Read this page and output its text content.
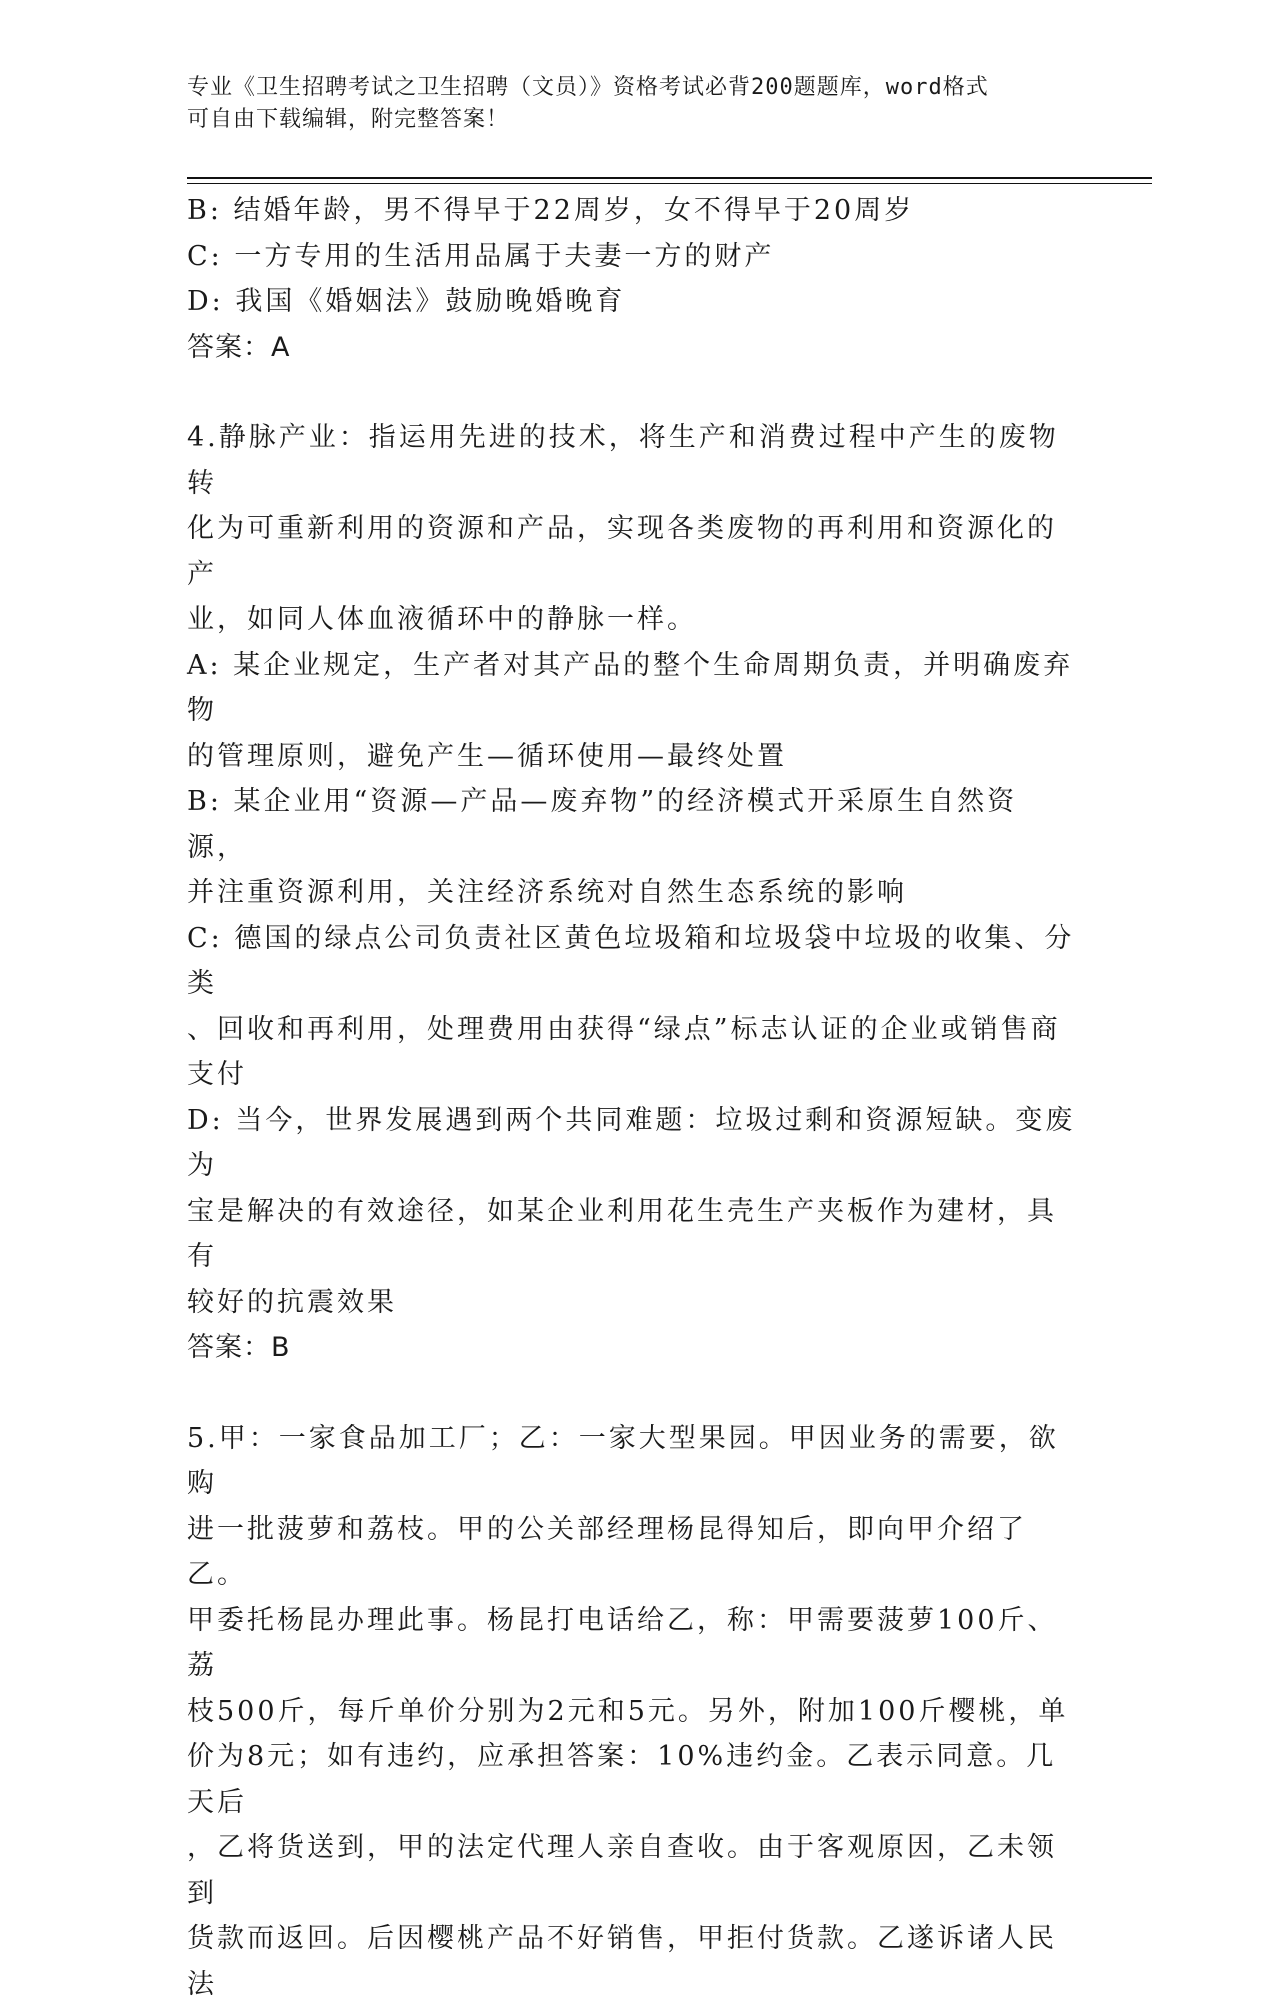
专业《卫生招聘考试之卫生招聘（文员）》资格考试必背200题题库，word格式
可自由下载编辑，附完整答案！

B: 结婚年龄，男不得早于22周岁，女不得早于20周岁

C: 一方专用的生活用品属于夫妻一方的财产

D: 我国《婚姻法》鼓励晚婚晚育

答案：A

4.静脉产业：指运用先进的技术，将生产和消费过程中产生的废物转

化为可重新利用的资源和产品，实现各类废物的再利用和资源化的产

业，如同人体血液循环中的静脉一样。

A: 某企业规定，生产者对其产品的整个生命周期负责，并明确废弃物

的管理原则，避免产生—循环使用—最终处置

B: 某企业用“资源—产品—废弃物”的经济模式开采原生自然资源，

并注重资源利用，关注经济系统对自然生态系统的影响

C: 德国的绿点公司负责社区黄色垃圾箱和垃圾袋中垃圾的收集、分类

、回收和再利用，处理费用由获得“绿点”标志认证的企业或销售商

支付

D: 当今，世界发展遇到两个共同难题：垃圾过剩和资源短缺。变废为

宝是解决的有效途径，如某企业利用花生壳生产夹板作为建材，具有

较好的抗震效果

答案：B

5.甲：一家食品加工厂；乙：一家大型果园。甲因业务的需要，欲购

进一批菠萝和荔枝。甲的公关部经理杨昆得知后，即向甲介绍了乙。

甲委托杨昆办理此事。杨昆打电话给乙，称：甲需要菠萝100斤、荔

枝500斤，每斤单价分别为2元和5元。另外，附加100斤樱桃，单

价为8元；如有违约，应承担答案：10%违约金。乙表示同意。几天后

，乙将货送到，甲的法定代理人亲自查收。由于客观原因，乙未领到

货款而返回。后因樱桃产品不好销售，甲拒付货款。乙遂诉诸人民法
